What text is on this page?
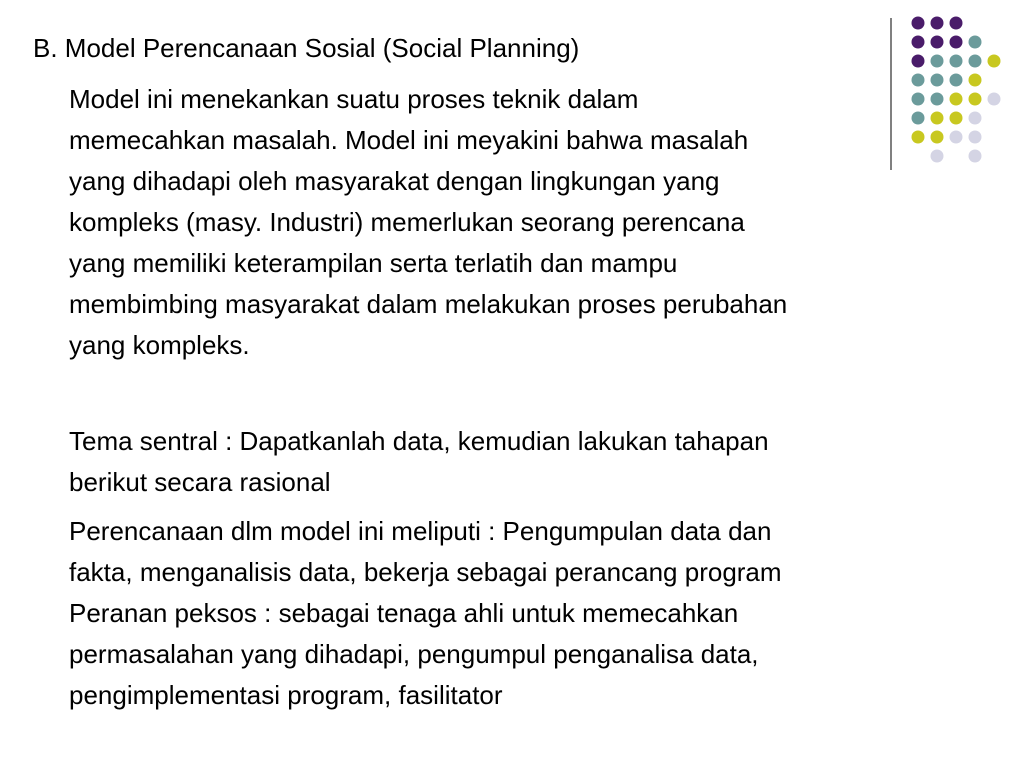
B. Model Perencanaan Sosial (Social Planning)

Model ini menekankan suatu proses teknik dalam
memecahkan masalah. Model ini meyakini bahwa masalah
yang dihadapi oleh masyarakat dengan lingkungan yang
kompleks (masy. Industri) memerlukan seorang perencana
yang memiliki keterampilan serta terlatih dan mampu
membimbing masyarakat dalam melakukan proses perubahan
yang kompleks.

Tema sentral : Dapatkanlah data, kemudian lakukan tahapan
berikut secara rasional

Perencanaan dlm model ini meliputi : Pengumpulan data dan
fakta, menganalisis data, bekerja sebagai perancang program
Peranan peksos : sebagai tenaga ahli untuk memecahkan
permasalahan yang dihadapi, pengumpul penganalisa data,
pengimplementasi program, fasilitator
